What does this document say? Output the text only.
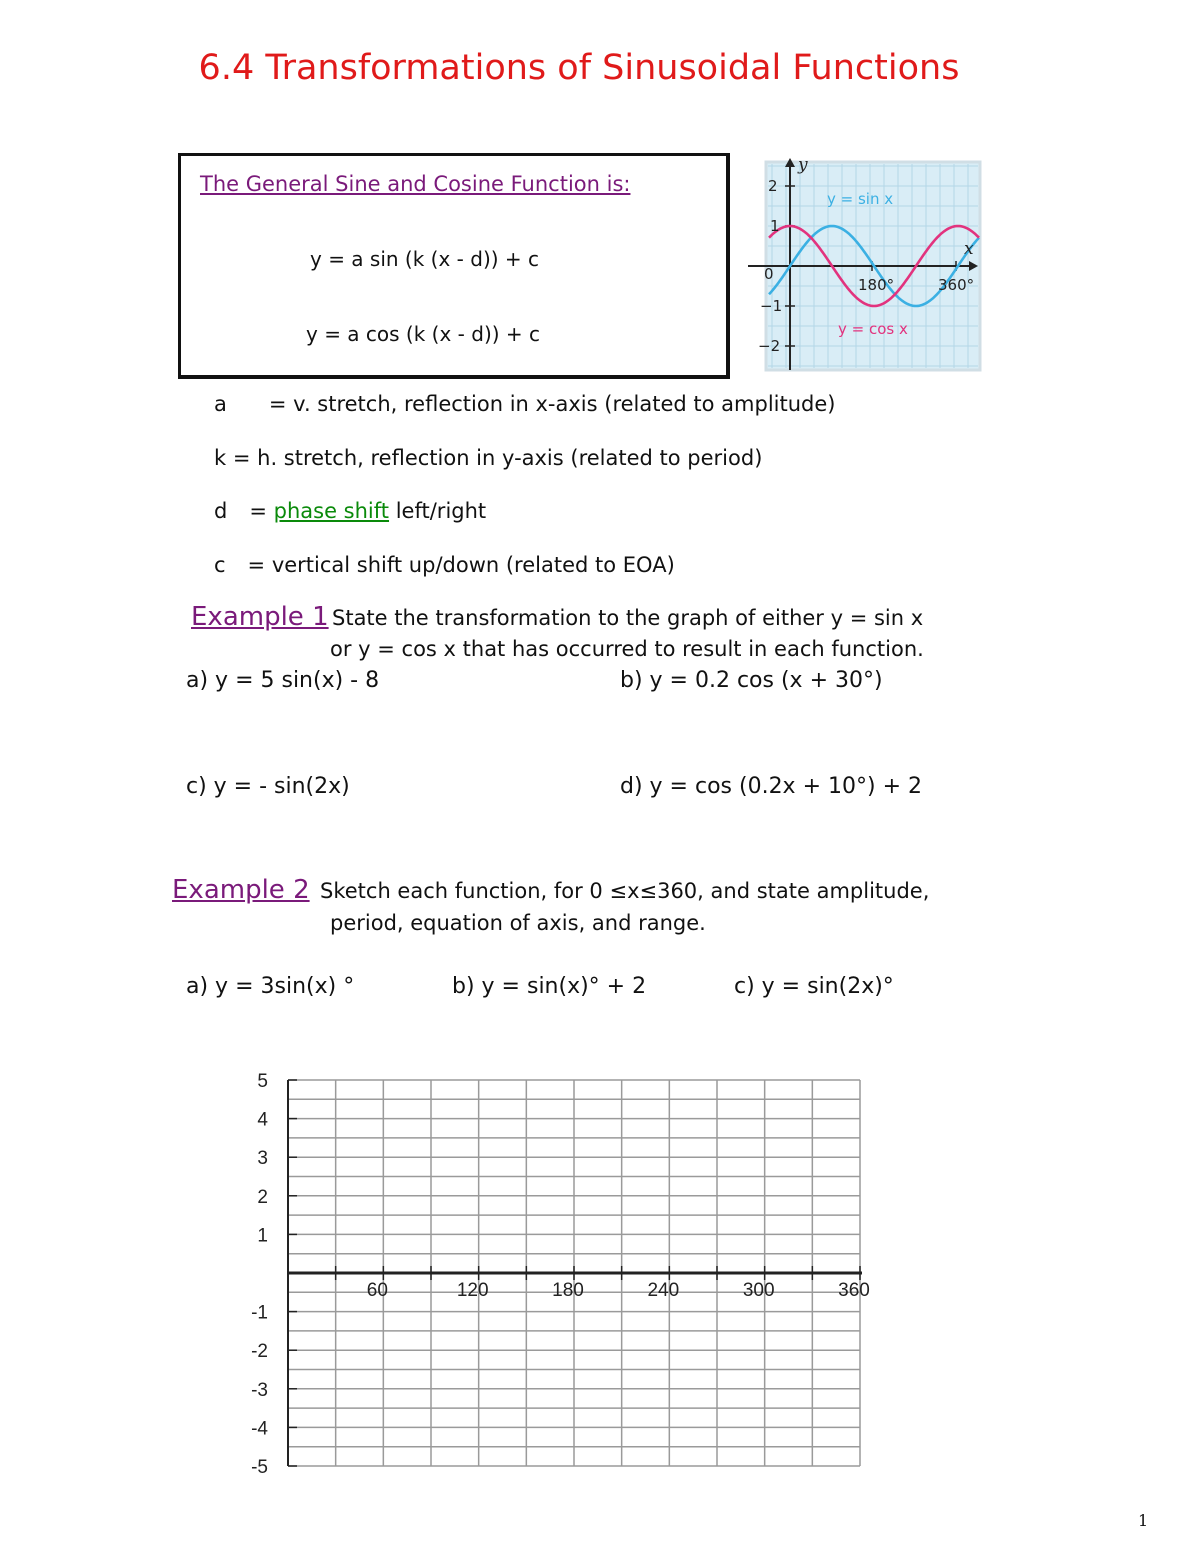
6.4 Transformations of Sinusoidal Functions
The General Sine and Cosine Function is:
y = a sin (k (x - d)) + c
y = a cos (k (x - d)) + c
y
x
y = sin x
y = cos x
2
1
0
−1
−2
180°	360°
a = v. stretch, reflection in x-axis (related to amplitude)
k = h. stretch, reflection in y-axis (related to period)
d = phase shift left/right
c = vertical shift up/down (related to EOA)
Example 1 State the transformation to the graph of either y = sin x
or y = cos x that has occurred to result in each function.
a) y = 5 sin(x) - 8	b) y = 0.2 cos (x + 30°)
c) y = - sin(2x)	d) y = cos (0.2x + 10°) + 2
Example 2 Sketch each function, for 0 ≤x≤360, and state amplitude,
period, equation of axis, and range.
a) y = 3sin(x) °	b) y = sin(x)° + 2	c) y = sin(2x)°
5
4
3
2
1
-1
-2
-3
-4
-5
60	120	180	240	300	360
1
